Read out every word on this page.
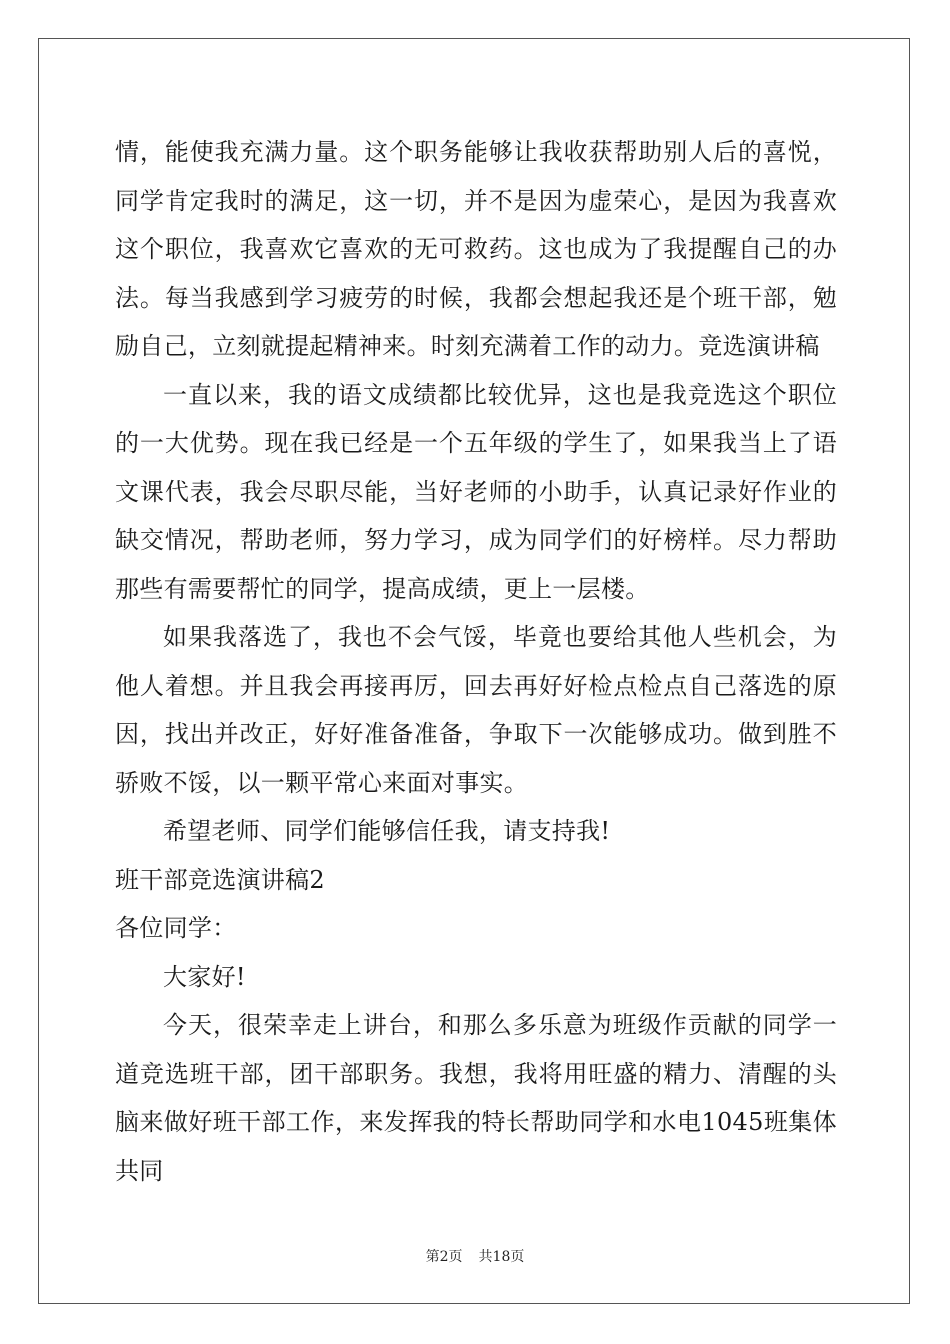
情，能使我充满力量。这个职务能够让我收获帮助别人后的喜悦，同学肯定我时的满足，这一切，并不是因为虚荣心，是因为我喜欢这个职位，我喜欢它喜欢的无可救药。这也成为了我提醒自己的办法。每当我感到学习疲劳的时候，我都会想起我还是个班干部，勉励自己，立刻就提起精神来。时刻充满着工作的动力。竞选演讲稿

一直以来，我的语文成绩都比较优异，这也是我竞选这个职位的一大优势。现在我已经是一个五年级的学生了，如果我当上了语文课代表，我会尽职尽能，当好老师的小助手，认真记录好作业的缺交情况，帮助老师，努力学习，成为同学们的好榜样。尽力帮助那些有需要帮忙的同学，提高成绩，更上一层楼。

如果我落选了，我也不会气馁，毕竟也要给其他人些机会，为他人着想。并且我会再接再厉，回去再好好检点检点自己落选的原因，找出并改正，好好准备准备，争取下一次能够成功。做到胜不骄败不馁，以一颗平常心来面对事实。

希望老师、同学们能够信任我，请支持我!

班干部竞选演讲稿2

各位同学：

大家好!

今天，很荣幸走上讲台，和那么多乐意为班级作贡献的同学一道竞选班干部，团干部职务。我想，我将用旺盛的精力、清醒的头脑来做好班干部工作，来发挥我的特长帮助同学和水电1045班集体共同

第2页 共18页
